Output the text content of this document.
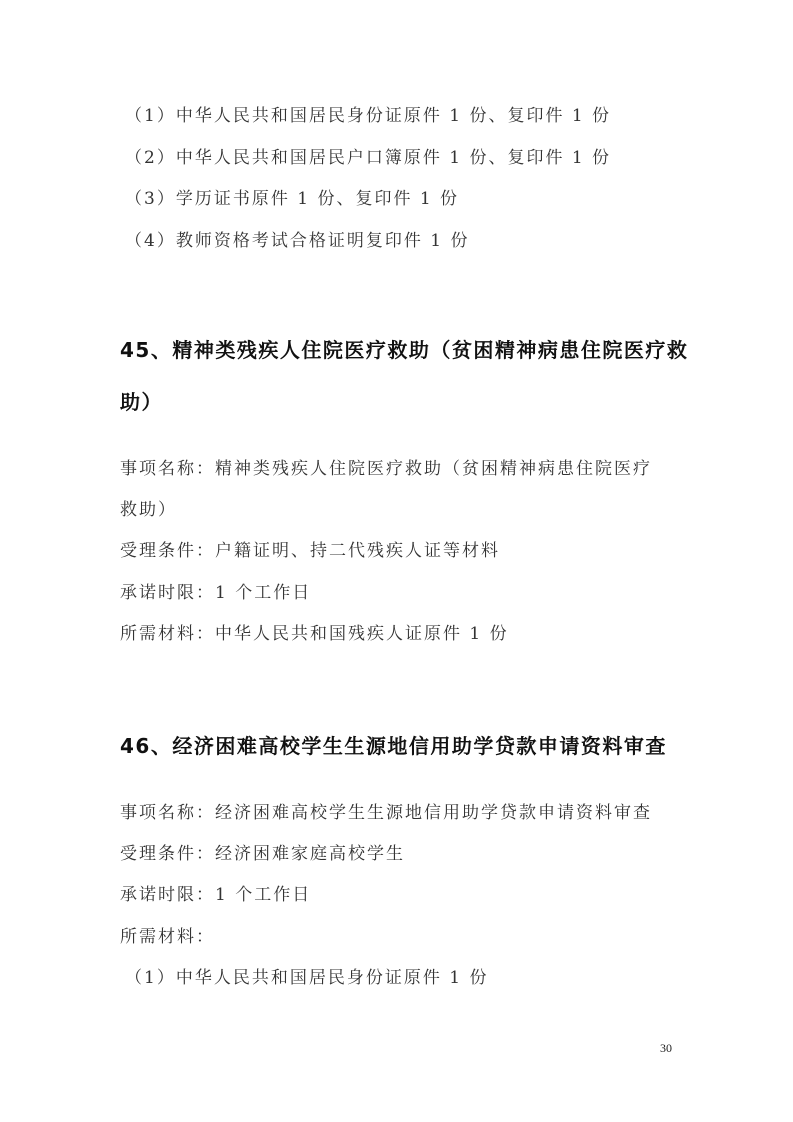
（1）中华人民共和国居民身份证原件 1 份、复印件 1 份

（2）中华人民共和国居民户口簿原件 1 份、复印件 1 份

（3）学历证书原件 1 份、复印件 1 份

（4）教师资格考试合格证明复印件 1 份

45、精神类残疾人住院医疗救助（贫困精神病患住院医疗救
助）

事项名称：精神类残疾人住院医疗救助（贫困精神病患住院医疗

救助）

受理条件：户籍证明、持二代残疾人证等材料

承诺时限：1 个工作日

所需材料：中华人民共和国残疾人证原件 1 份

46、经济困难高校学生生源地信用助学贷款申请资料审查

事项名称：经济困难高校学生生源地信用助学贷款申请资料审查

受理条件：经济困难家庭高校学生

承诺时限：1 个工作日

所需材料：

（1）中华人民共和国居民身份证原件 1 份

30
